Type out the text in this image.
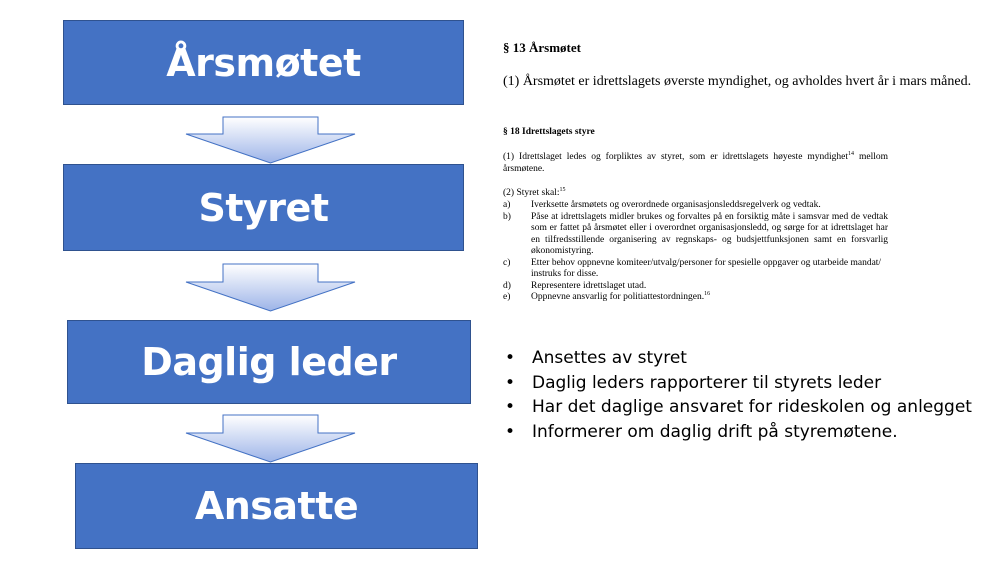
Årsmøtet
Styret
Daglig leder
Ansatte
§ 13 Årsmøtet
(1) Årsmøtet er idrettslagets øverste myndighet, og avholdes hvert år i mars måned.
§ 18 Idrettslagets styre
(1) Idrettslaget ledes og forpliktes av styret, som er idrettslagets høyeste myndighet$^{14}$ mellom årsmøtene.
(2) Styret skal:$^{15}$
a)	Iverksette årsmøtets og overordnede organisasjonsleddsregelverk og vedtak.
b)	Påse at idrettslagets midler brukes og forvaltes på en forsiktig måte i samsvar med de vedtak som er fattet på årsmøtet eller i overordnet organisasjonsledd, og sørge for at idrettslaget har en tilfredsstillende organisering av regnskaps- og budsjettfunksjonen samt en forsvarlig økonomistyring.
c)	Etter behov oppnevne komiteer/utvalg/personer for spesielle oppgaver og utarbeide mandat/ instruks for disse.
d)	Representere idrettslaget utad.
e)	Oppnevne ansvarlig for politiattestordningen.$^{16}$
• Ansettes av styret
• Daglig leders rapporterer til styrets leder
• Har det daglige ansvaret for rideskolen og anlegget
• Informerer om daglig drift på styremøtene.
